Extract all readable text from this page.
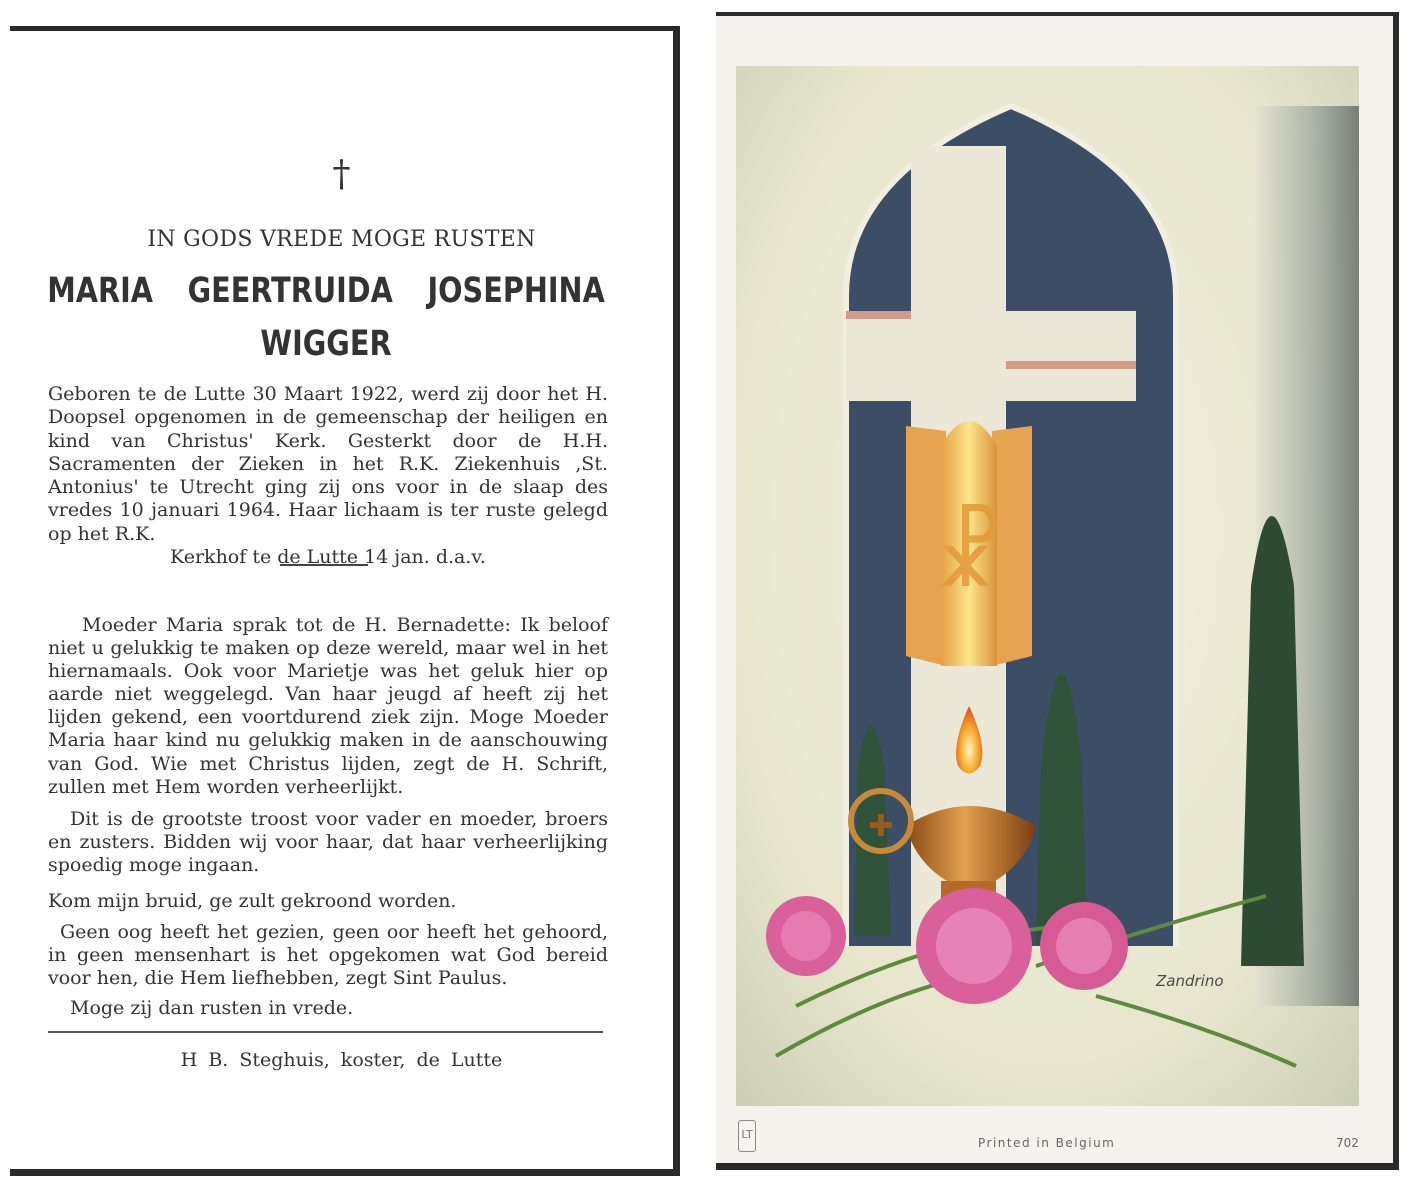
†
IN GODS VREDE MOGE RUSTEN
MARIA GEERTRUIDA JOSEPHINA
WIGGER
Geboren te de Lutte 30 Maart 1922, werd zij door het H. Doopsel opgenomen in de gemeenschap der heiligen en kind van Christus' Kerk. Gesterkt door de H.H. Sacramenten der Zieken in het R.K. Ziekenhuis ‚St. Antonius' te Utrecht ging zij ons voor in de slaap des vredes 10 januari 1964. Haar lichaam is ter ruste gelegd op het R.K.
Kerkhof te de Lutte 14 jan. d.a.v.
Moeder Maria sprak tot de H. Bernadette: Ik beloof niet u gelukkig te maken op deze wereld, maar wel in het hiernamaals. Ook voor Marietje was het geluk hier op aarde niet weggelegd. Van haar jeugd af heeft zij het lijden gekend, een voortdurend ziek zijn. Moge Moeder Maria haar kind nu gelukkig maken in de aanschouwing van God. Wie met Christus lijden, zegt de H. Schrift, zullen met Hem worden verheerlijkt.
Dit is de grootste troost voor vader en moeder, broers en zusters. Bidden wij voor haar, dat haar verheerlijking spoedig moge ingaan.
Kom mijn bruid, ge zult gekroond worden.
Geen oog heeft het gezien, geen oor heeft het gehoord, in geen mensenhart is het opgekomen wat God bereid voor hen, die Hem liefhebben, zegt Sint Paulus.
Moge zij dan rusten in vrede.
H B. Steghuis, koster, de Lutte
☧
✚
Zandrino
LT
Printed in Belgium	702
